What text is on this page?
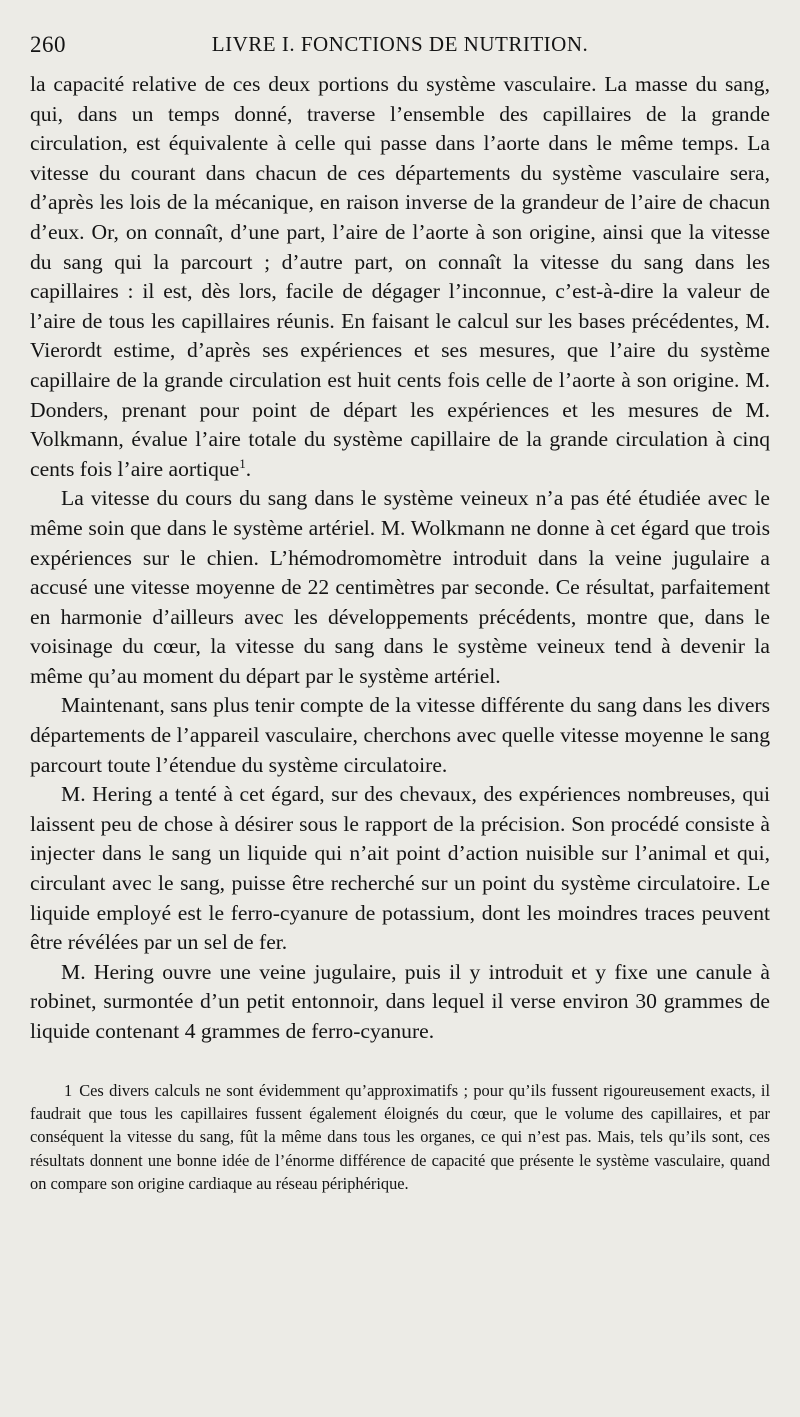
260	LIVRE I. FONCTIONS DE NUTRITION.

la capacité relative de ces deux portions du système vasculaire. La masse du sang, qui, dans un temps donné, traverse l’ensemble des capillaires de la grande circulation, est équivalente à celle qui passe dans l’aorte dans le même temps. La vitesse du courant dans chacun de ces départements du système vasculaire sera, d’après les lois de la mécanique, en raison inverse de la grandeur de l’aire de chacun d’eux. Or, on connaît, d’une part, l’aire de l’aorte à son origine, ainsi que la vitesse du sang qui la parcourt ; d’autre part, on connaît la vitesse du sang dans les capillaires : il est, dès lors, facile de dégager l’inconnue, c’est-à-dire la valeur de l’aire de tous les capillaires réunis. En faisant le calcul sur les bases précédentes, M. Vierordt estime, d’après ses expériences et ses mesures, que l’aire du système capillaire de la grande circulation est huit cents fois celle de l’aorte à son origine. M. Donders, prenant pour point de départ les expériences et les mesures de M. Volkmann, évalue l’aire totale du système capillaire de la grande circulation à cinq cents fois l’aire aortique$^1$.

La vitesse du cours du sang dans le système veineux n’a pas été étudiée avec le même soin que dans le système artériel. M. Wolkmann ne donne à cet égard que trois expériences sur le chien. L’hémodromomètre introduit dans la veine jugulaire a accusé une vitesse moyenne de 22 centimètres par seconde. Ce résultat, parfaitement en harmonie d’ailleurs avec les développements précédents, montre que, dans le voisinage du cœur, la vitesse du sang dans le système veineux tend à devenir la même qu’au moment du départ par le système artériel.

Maintenant, sans plus tenir compte de la vitesse différente du sang dans les divers départements de l’appareil vasculaire, cherchons avec quelle vitesse moyenne le sang parcourt toute l’étendue du système circulatoire.

M. Hering a tenté à cet égard, sur des chevaux, des expériences nombreuses, qui laissent peu de chose à désirer sous le rapport de la précision. Son procédé consiste à injecter dans le sang un liquide qui n’ait point d’action nuisible sur l’animal et qui, circulant avec le sang, puisse être recherché sur un point du système circulatoire. Le liquide employé est le ferro-cyanure de potassium, dont les moindres traces peuvent être révélées par un sel de fer.

M. Hering ouvre une veine jugulaire, puis il y introduit et y fixe une canule à robinet, surmontée d’un petit entonnoir, dans lequel il verse environ 30 grammes de liquide contenant 4 grammes de ferro-cyanure.

1 Ces divers calculs ne sont évidemment qu’approximatifs ; pour qu’ils fussent rigoureusement exacts, il faudrait que tous les capillaires fussent également éloignés du cœur, que le volume des capillaires, et par conséquent la vitesse du sang, fût la même dans tous les organes, ce qui n’est pas. Mais, tels qu’ils sont, ces résultats donnent une bonne idée de l’énorme différence de capacité que présente le système vasculaire, quand on compare son origine cardiaque au réseau périphérique.
